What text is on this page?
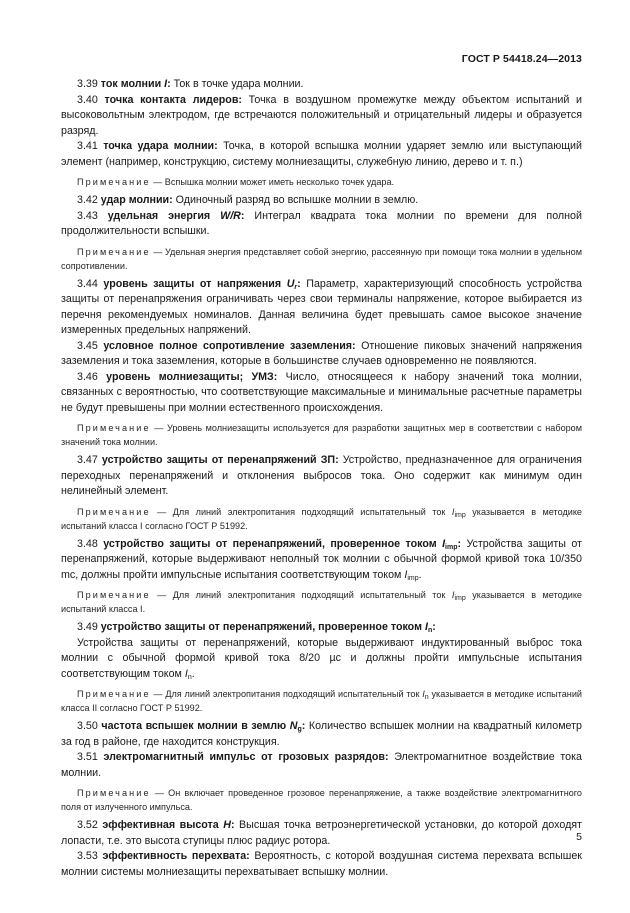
ГОСТ Р 54418.24—2013

3.39 ток молнии I: Ток в точке удара молнии.

3.40 точка контакта лидеров: Точка в воздушном промежутке между объектом испытаний и высоковольтным электродом, где встречаются положительный и отрицательный лидеры и образуется разряд.

3.41 точка удара молнии: Точка, в которой вспышка молнии ударяет землю или выступающий элемент (например, конструкцию, систему молниезащиты, служебную линию, дерево и т. п.)

Примечание — Вспышка молнии может иметь несколько точек удара.

3.42 удар молнии: Одиночный разряд во вспышке молнии в землю.

3.43 удельная энергия W/R: Интеграл квадрата тока молнии по времени для полной продолжительности вспышки.

Примечание — Удельная энергия представляет собой энергию, рассеянную при помощи тока молнии в удельном сопротивлении.

3.44 уровень защиты от напряжения $U_r$: Параметр, характеризующий способность устройства защиты от перенапряжения ограничивать через свои терминалы напряжение, которое выбирается из перечня рекомендуемых номиналов. Данная величина будет превышать самое высокое значение измеренных предельных напряжений.

3.45 условное полное сопротивление заземления: Отношение пиковых значений напряжения заземления и тока заземления, которые в большинстве случаев одновременно не появляются.

3.46 уровень молниезащиты; УМЗ: Число, относящееся к набору значений тока молнии, связанных с вероятностью, что соответствующие максимальные и минимальные расчетные параметры не будут превышены при молнии естественного происхождения.

Примечание — Уровень молниезащиты используется для разработки защитных мер в соответствии с набором значений тока молнии.

3.47 устройство защиты от перенапряжений ЗП: Устройство, предназначенное для ограничения переходных перенапряжений и отклонения выбросов тока. Оно содержит как минимум один нелинейный элемент.

Примечание — Для линий электропитания подходящий испытательный ток $I_{imp}$ указывается в методике испытаний класса I согласно ГОСТ Р 51992.

3.48 устройство защиты от перенапряжений, проверенное током $I_{imp}$: Устройства защиты от перенапряжений, которые выдерживают неполный ток молнии с обычной формой кривой тока 10/350 mс, должны пройти импульсные испытания соответствующим током $I_{imp}$.

Примечание — Для линий электропитания подходящий испытательный ток $I_{imp}$ указывается в методике испытаний класса I.

3.49 устройство защиты от перенапряжений, проверенное током $I_n$:

Устройства защиты от перенапряжений, которые выдерживают индуктированный выброс тока молнии с обычной формой кривой тока 8/20 µс и должны пройти импульсные испытания соответствующим током $I_n$.

Примечание — Для линий электропитания подходящий испытательный ток $I_n$ указывается в методике испытаний класса II согласно ГОСТ Р 51992.

3.50 частота вспышек молнии в землю $N_g$: Количество вспышек молнии на квадратный километр за год в районе, где находится конструкция.

3.51 электромагнитный импульс от грозовых разрядов: Электромагнитное воздействие тока молнии.

Примечание — Он включает проведенное грозовое перенапряжение, а также воздействие электромагнитного поля от излученного импульса.

3.52 эффективная высота H: Высшая точка ветроэнергетической установки, до которой доходят лопасти, т.е. это высота ступицы плюс радиус ротора.

3.53 эффективность перехвата: Вероятность, с которой воздушная система перехвата вспышек молнии системы молниезащиты перехватывает вспышку молнии.

5
